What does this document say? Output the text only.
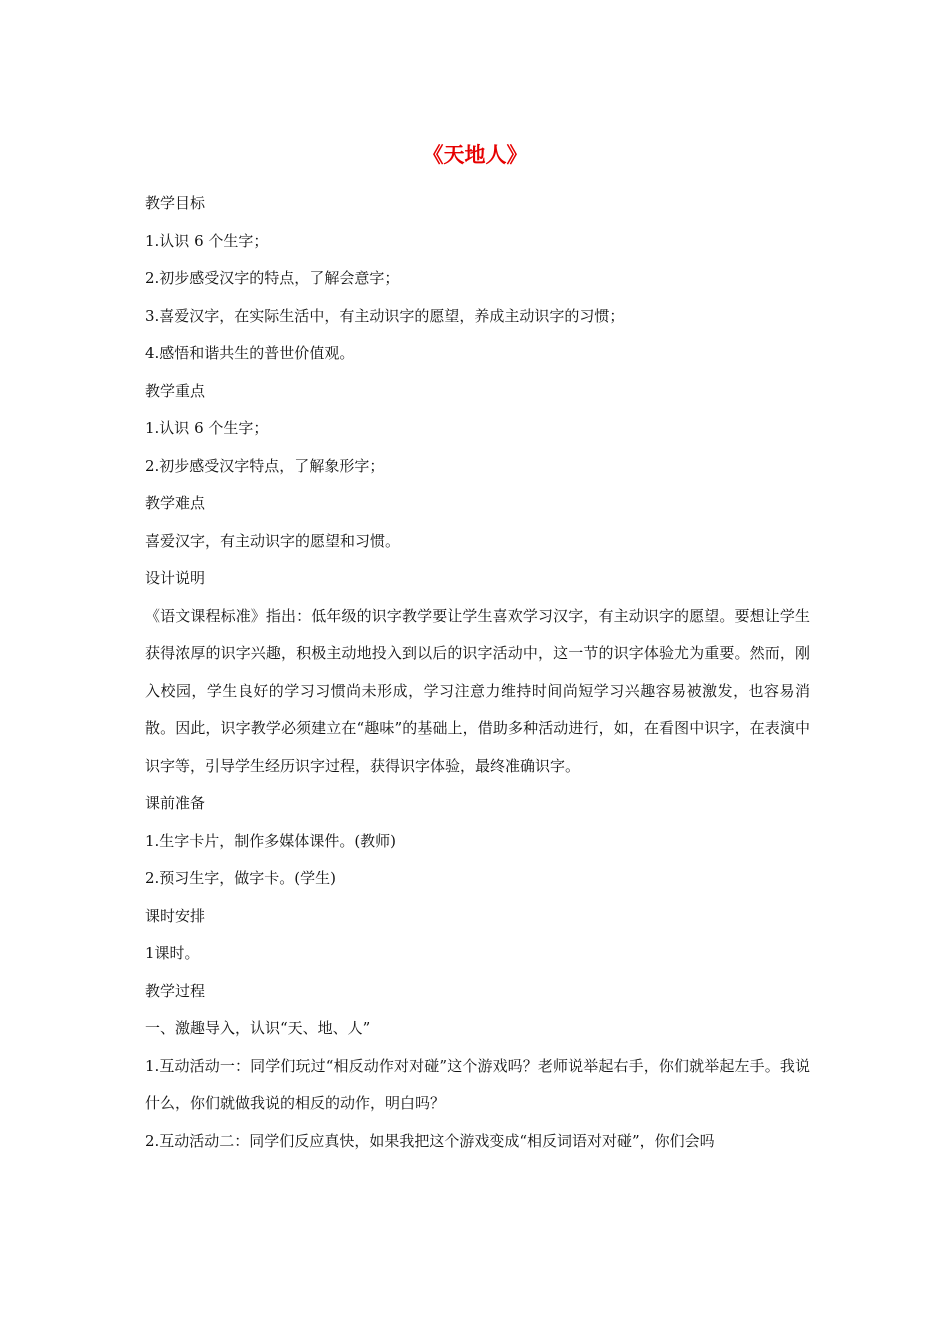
《天地人》

教学目标

1.认识 6 个生字；

2.初步感受汉字的特点，了解会意字；

3.喜爱汉字，在实际生活中，有主动识字的愿望，养成主动识字的习惯；

4.感悟和谐共生的普世价值观。

教学重点

1.认识 6 个生字；

2.初步感受汉字特点，了解象形字；

教学难点

喜爱汉字，有主动识字的愿望和习惯。

设计说明

《语文课程标准》指出：低年级的识字教学要让学生喜欢学习汉字，有主动识字的愿望。要想让学生获得浓厚的识字兴趣，积极主动地投入到以后的识字活动中，这一节的识字体验尤为重要。然而，刚入校园，学生良好的学习习惯尚未形成，学习注意力维持时间尚短学习兴趣容易被激发，也容易消散。因此，识字教学必须建立在“趣味”的基础上，借助多种活动进行，如，在看图中识字，在表演中识字等，引导学生经历识字过程，获得识字体验，最终准确识字。

课前准备

1.生字卡片，制作多媒体课件。(教师)

2.预习生字，做字卡。(学生)

课时安排

1课时。

教学过程

一、激趣导入，认识“天、地、人”

1.互动活动一：同学们玩过“相反动作对对碰”这个游戏吗？老师说举起右手，你们就举起左手。我说什么，你们就做我说的相反的动作，明白吗？

2.互动活动二：同学们反应真快，如果我把这个游戏变成“相反词语对对碰”，你们会吗
